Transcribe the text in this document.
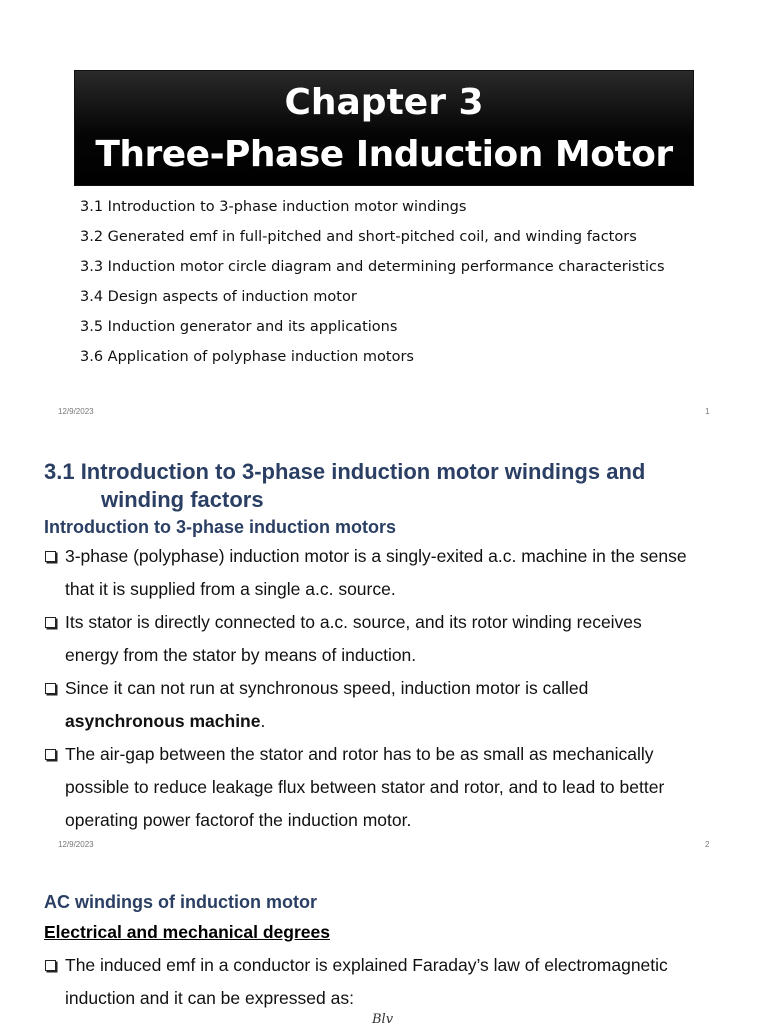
Chapter 3
Three-Phase Induction Motor
3.1 Introduction to 3-phase induction motor windings
3.2 Generated emf in full-pitched and short-pitched coil, and winding factors
3.3 Induction motor circle diagram and determining performance characteristics
3.4 Design aspects of induction motor
3.5 Induction generator and its applications
3.6 Application of polyphase induction motors
12/9/2023	1
3.1 Introduction to 3-phase induction motor windings and
winding factors
Introduction to 3-phase induction motors
3-phase (polyphase) induction motor is a singly-exited a.c. machine in the sense
that it is supplied from a single a.c. source.
Its stator is directly connected to a.c. source, and its rotor winding receives
energy from the stator by means of induction.
Since it can not run at synchronous speed, induction motor is called
asynchronous machine.
The air-gap between the stator and rotor has to be as small as mechanically
possible to reduce leakage flux between stator and rotor, and to lead to better
operating power factorof the induction motor.
12/9/2023	2
AC windings of induction motor
Electrical and mechanical degrees
The induced emf in a conductor is explained Faraday’s law of electromagnetic
induction and it can be expressed as:
Blv
